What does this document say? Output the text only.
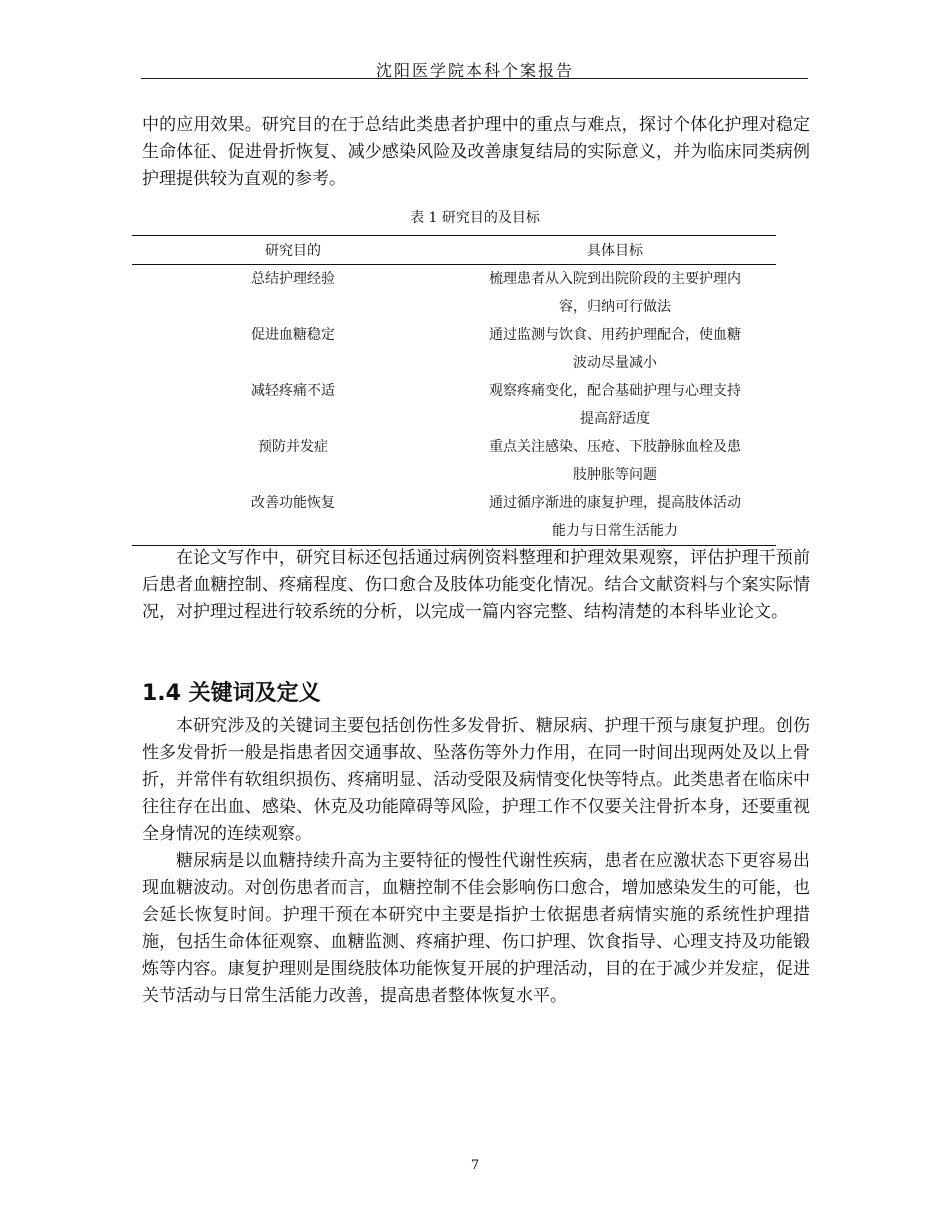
沈阳医学院本科个案报告

中的应用效果。研究目的在于总结此类患者护理中的重点与难点，探讨个体化护理对稳定生命体征、促进骨折恢复、减少感染风险及改善康复结局的实际意义，并为临床同类病例护理提供较为直观的参考。

表 1 研究目的及目标
研究目的	具体目标
总结护理经验	梳理患者从入院到出院阶段的主要护理内
容，归纳可行做法
促进血糖稳定	通过监测与饮食、用药护理配合，使血糖
波动尽量减小
减轻疼痛不适	观察疼痛变化，配合基础护理与心理支持
提高舒适度
预防并发症	重点关注感染、压疮、下肢静脉血栓及患
肢肿胀等问题
改善功能恢复	通过循序渐进的康复护理，提高肢体活动
能力与日常生活能力

在论文写作中，研究目标还包括通过病例资料整理和护理效果观察，评估护理干预前后患者血糖控制、疼痛程度、伤口愈合及肢体功能变化情况。结合文献资料与个案实际情况，对护理过程进行较系统的分析，以完成一篇内容完整、结构清楚的本科毕业论文。

1.4 关键词及定义

本研究涉及的关键词主要包括创伤性多发骨折、糖尿病、护理干预与康复护理。创伤性多发骨折一般是指患者因交通事故、坠落伤等外力作用，在同一时间出现两处及以上骨折，并常伴有软组织损伤、疼痛明显、活动受限及病情变化快等特点。此类患者在临床中往往存在出血、感染、休克及功能障碍等风险，护理工作不仅要关注骨折本身，还要重视全身情况的连续观察。

糖尿病是以血糖持续升高为主要特征的慢性代谢性疾病，患者在应激状态下更容易出现血糖波动。对创伤患者而言，血糖控制不佳会影响伤口愈合，增加感染发生的可能，也会延长恢复时间。护理干预在本研究中主要是指护士依据患者病情实施的系统性护理措施，包括生命体征观察、血糖监测、疼痛护理、伤口护理、饮食指导、心理支持及功能锻炼等内容。康复护理则是围绕肢体功能恢复开展的护理活动，目的在于减少并发症，促进关节活动与日常生活能力改善，提高患者整体恢复水平。

7
